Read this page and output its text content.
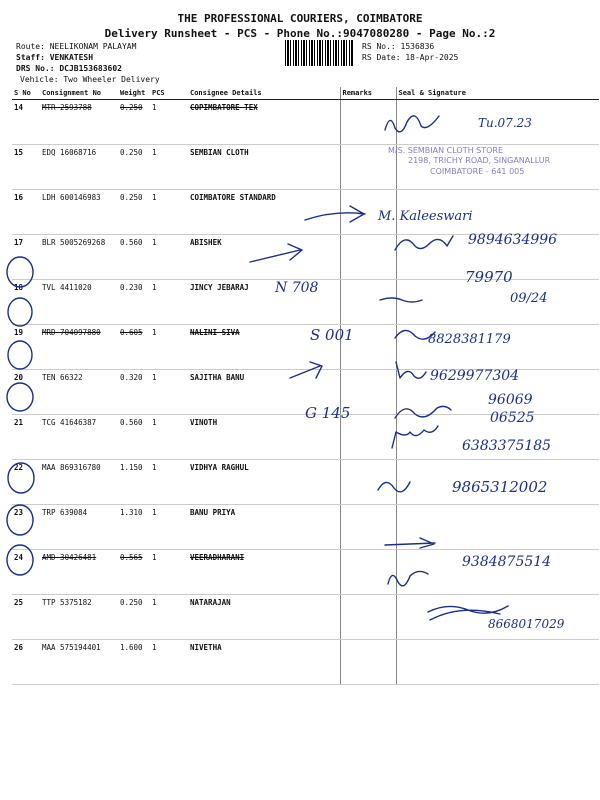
THE PROFESSIONAL COURIERS, COIMBATORE
Delivery Runsheet - PCS - Phone No.:9047080280 - Page No.:2
Route: NEELIKONAM PALAYAM
Staff: VENKATESH
DRS No.: DCJB153683602
Vehicle: Two Wheeler Delivery
RS No.: 1536836
RS Date: 18-Apr-2025
S No	Consignment No	Weight	PCS	Consignee Details	Remarks	Seal & Signature
14	MTR 2593788	0.250	1	COPIMBATORE TEX		
15	EDQ 16068716	0.250	1	SEMBIAN CLOTH		
16	LDH 600146983	0.250	1	COIMBATORE STANDARD		
17	BLR 5005269268	0.560	1	ABISHEK		
18	TVL 4411020	0.230	1	JINCY JEBARAJ		
19	MRD 704097880	0.605	1	NALINI SIVA		
20	TEN 66322	0.320	1	SAJITHA BANU		
21	TCG 41646387	0.560	1	VINOTH		
22	MAA 869316780	1.150	1	VIDHYA RAGHUL		
23	TRP 639084	1.310	1	BANU PRIYA		
24	AMD 30426481	0.565	1	VEERADHARANI		
25	TTP 5375182	0.250	1	NATARAJAN		
26	MAA 575194401	1.600	1	NIVETHA		
M/S. SEMBIAN CLOTH STORE
2198, TRICHY ROAD, SINGANALLUR
COIMBATORE - 641 005
Tu.07.23
M. Kaleeswari
9894634996
N 708
79970
09/24
S 001	8828381179
9629977304
G 145
96069
06525
6383375185
9865312002
9384875514
8668017029
